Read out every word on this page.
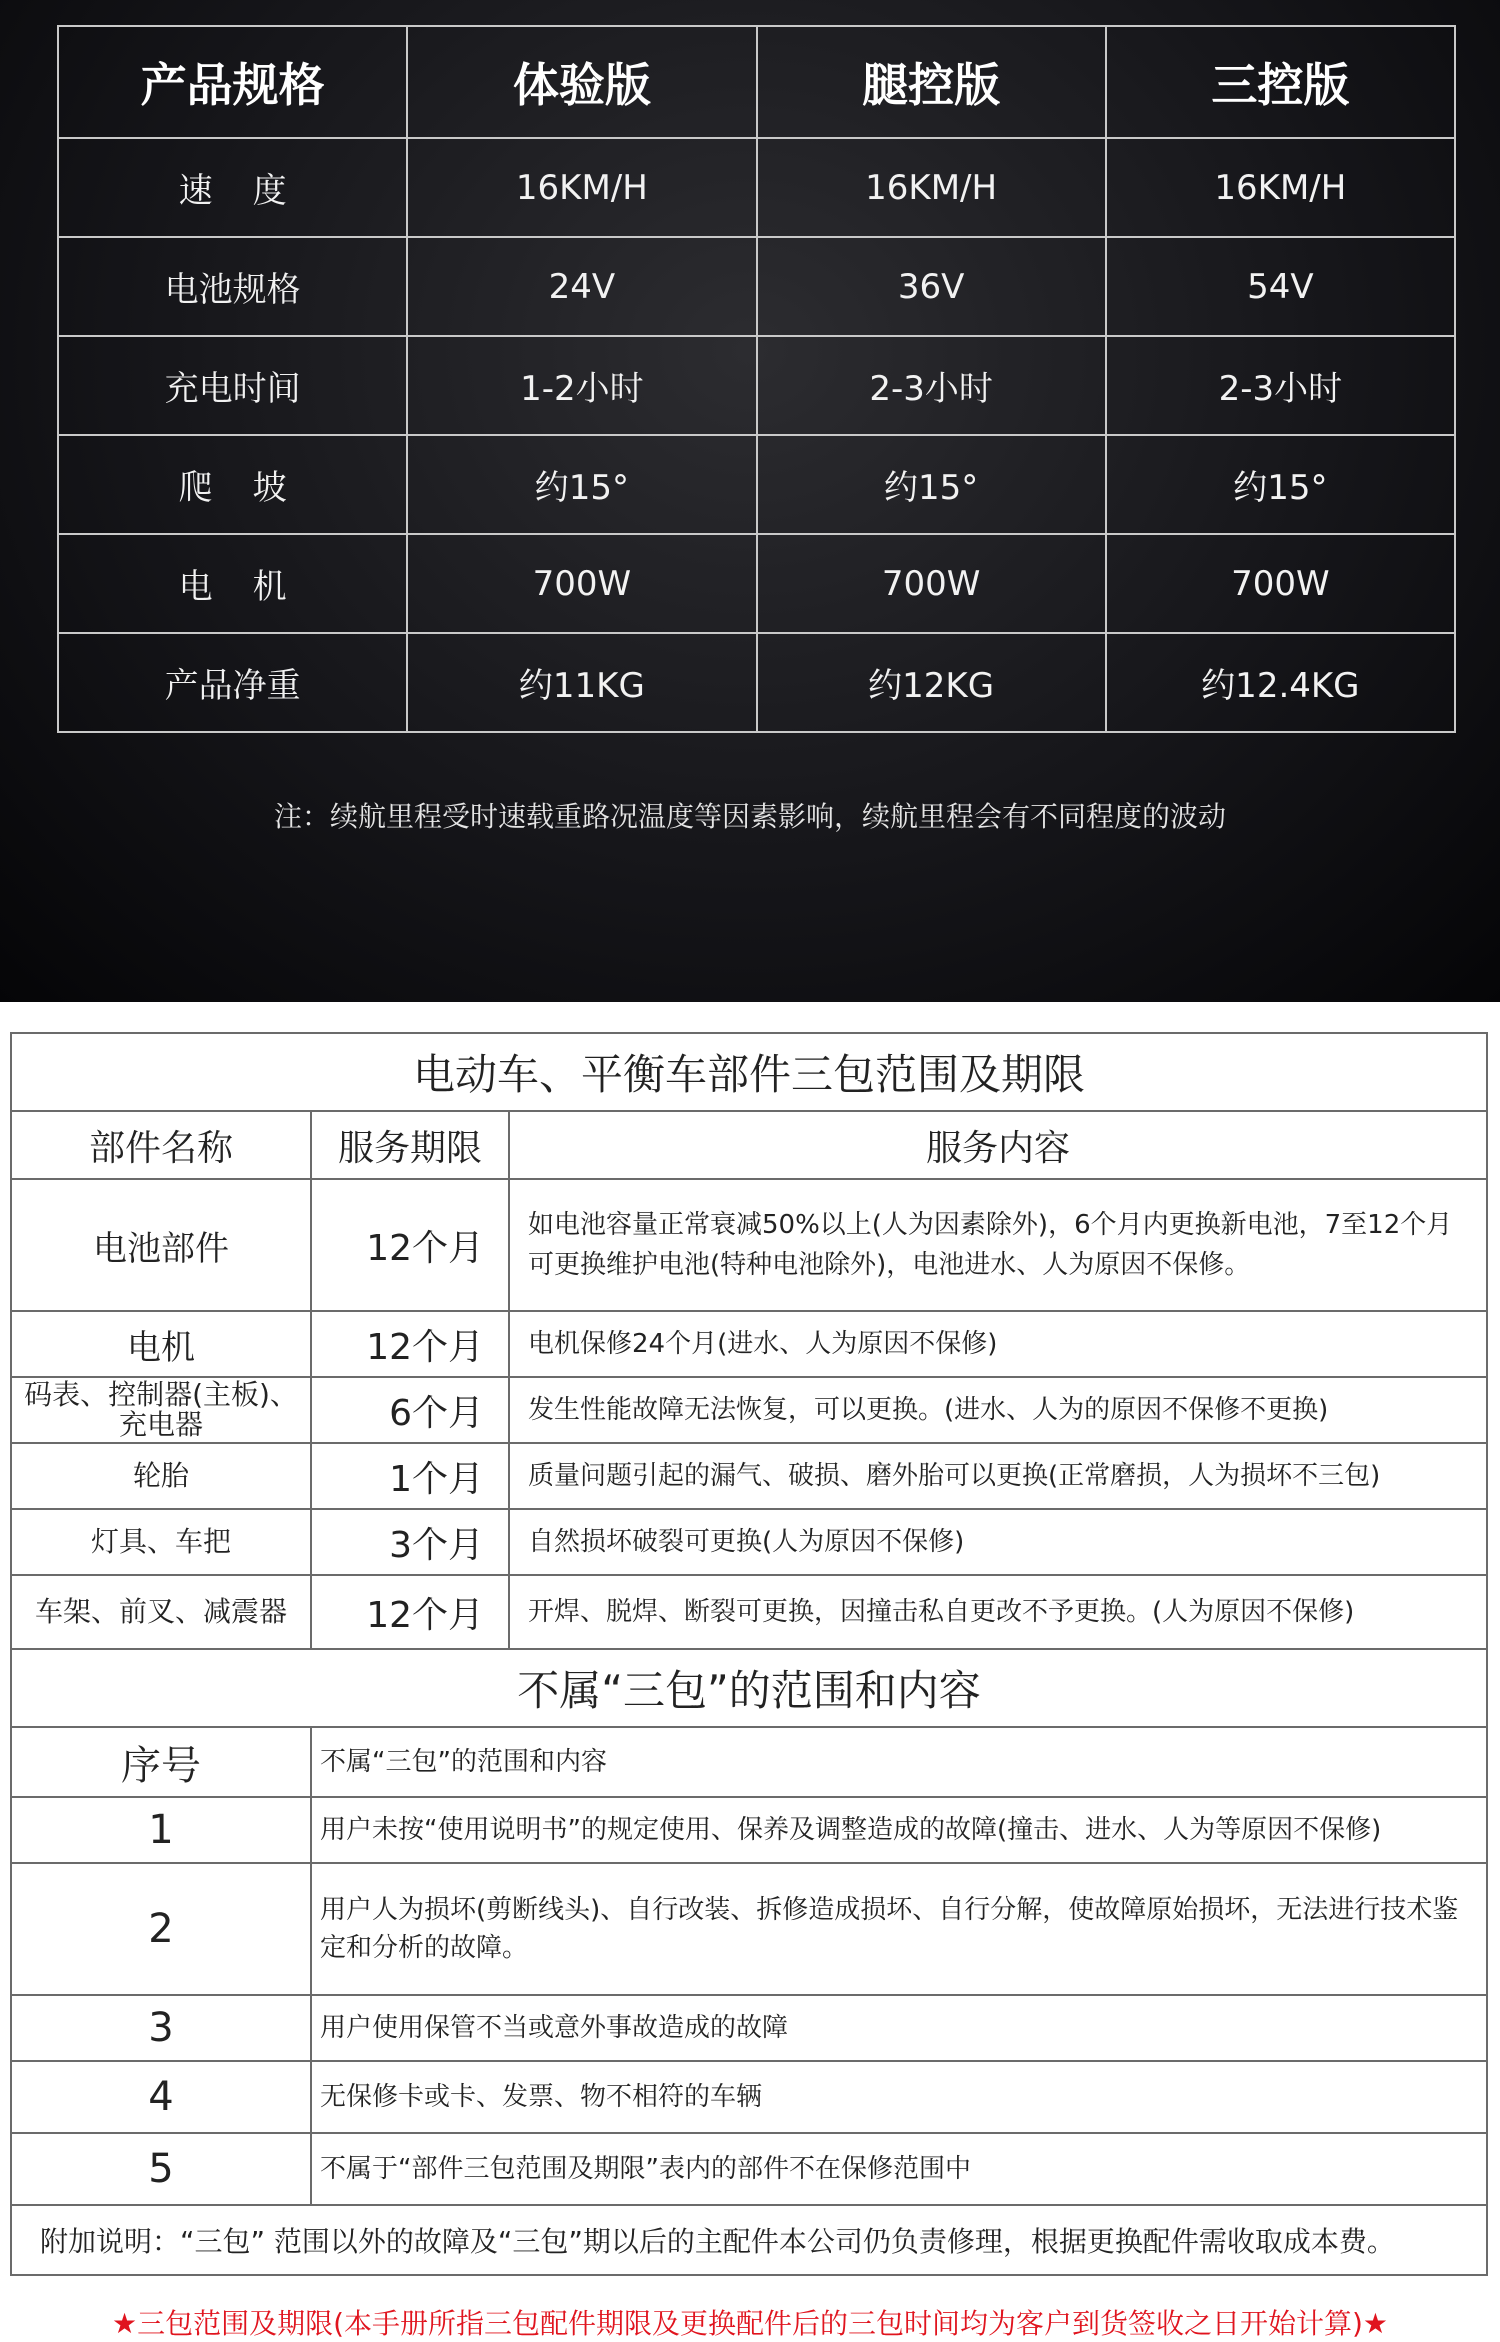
产品规格	体验版	腿控版	三控版
速度	16KM/H	16KM/H	16KM/H
电池规格	24V	36V	54V
充电时间	1-2小时	2-3小时	2-3小时
爬坡	约15°	约15°	约15°
电机	700W	700W	700W
产品净重	约11KG	约12KG	约12.4KG
注：续航里程受时速载重路况温度等因素影响，续航里程会有不同程度的波动
电动车、平衡车部件三包范围及期限		
部件名称	服务期限	服务内容
电池部件	12个月	如电池容量正常衰减50%以上(人为因素除外)，6个月内更换新电池，7至12个月可更换维护电池(特种电池除外)，电池进水、人为原因不保修。
电机	12个月	电机保修24个月(进水、人为原因不保修)
码表、控制器(主板)、充电器	6个月	发生性能故障无法恢复，可以更换。(进水、人为的原因不保修不更换)
轮胎	1个月	质量问题引起的漏气、破损、磨外胎可以更换(正常磨损，人为损坏不三包)
灯具、车把	3个月	自然损坏破裂可更换(人为原因不保修)
车架、前叉、减震器	12个月	开焊、脱焊、断裂可更换，因撞击私自更改不予更换。(人为原因不保修)
不属“三包”的范围和内容		
序号	不属“三包”的范围和内容	
1	用户未按“使用说明书”的规定使用、保养及调整造成的故障(撞击、进水、人为等原因不保修)	
2	用户人为损坏(剪断线头)、自行改装、拆修造成损坏、自行分解，使故障原始损坏，无法进行技术鉴定和分析的故障。	
3	用户使用保管不当或意外事故造成的故障	
4	无保修卡或卡、发票、物不相符的车辆	
5	不属于“部件三包范围及期限”表内的部件不在保修范围中	
附加说明：“三包” 范围以外的故障及“三包”期以后的主配件本公司仍负责修理，根据更换配件需收取成本费。		
★三包范围及期限(本手册所指三包配件期限及更换配件后的三包时间均为客户到货签收之日开始计算)★
